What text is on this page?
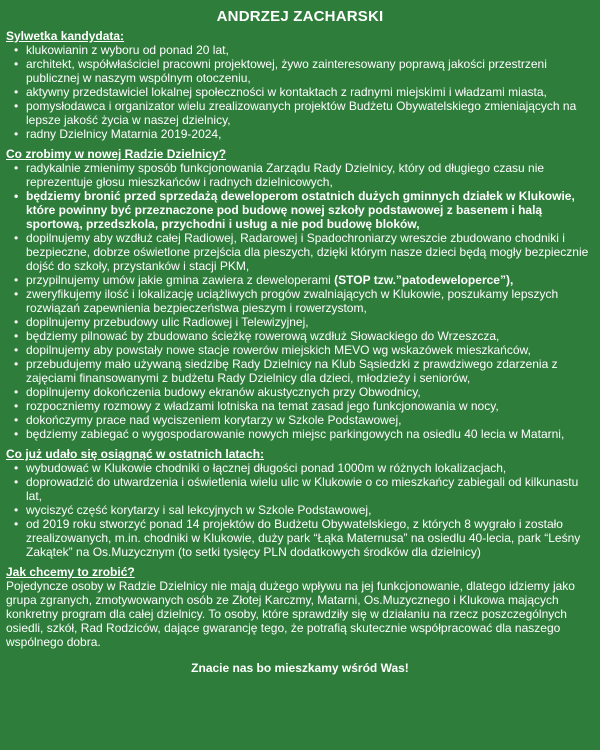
ANDRZEJ ZACHARSKI

Sylwetka kandydata:

• klukowianin z wyboru od ponad 20 lat,
• architekt, współwłaściciel pracowni projektowej, żywo zainteresowany poprawą jakości przestrzeni publicznej w naszym wspólnym otoczeniu,
• aktywny przedstawiciel lokalnej społeczności w kontaktach z radnymi miejskimi i władzami miasta,
• pomysłodawca i organizator wielu zrealizowanych projektów Budżetu Obywatelskiego zmieniających na lepsze jakość życia w naszej dzielnicy,
• radny Dzielnicy Matarnia 2019-2024,

Co zrobimy w nowej Radzie Dzielnicy?

• radykalnie zmienimy sposób funkcjonowania Zarządu Rady Dzielnicy, który od długiego czasu nie reprezentuje głosu mieszkańców i radnych dzielnicowych,
• będziemy bronić przed sprzedażą deweloperom ostatnich dużych gminnych działek w Klukowie, które powinny być przeznaczone pod budowę nowej szkoły podstawowej z basenem i halą sportową, przedszkola, przychodni i usług a nie pod budowę bloków,
• dopilnujemy aby wzdłuż całej Radiowej, Radarowej i Spadochroniarzy wreszcie zbudowano chodniki i bezpieczne, dobrze oświetlone przejścia dla pieszych, dzięki którym nasze dzieci będą mogły bezpiecznie dojść do szkoły, przystanków i stacji PKM,
• przypilnujemy umów jakie gmina zawiera z deweloperami (STOP tzw.”patodeweloperce”),
• zweryfikujemy ilość i lokalizację uciążliwych progów zwalniających w Klukowie, poszukamy lepszych rozwiązań zapewnienia bezpieczeństwa pieszym i rowerzystom,
• dopilnujemy przebudowy ulic Radiowej i Telewizyjnej,
• będziemy pilnować by zbudowano ścieżkę rowerową wzdłuż Słowackiego do Wrzeszcza,
• dopilnujemy aby powstały nowe stacje rowerów miejskich MEVO wg wskazówek mieszkańców,
• przebudujemy mało używaną siedzibę Rady Dzielnicy na Klub Sąsiedzki z prawdziwego zdarzenia z zajęciami finansowanymi z budżetu Rady Dzielnicy dla dzieci, młodzieży i seniorów,
• dopilnujemy dokończenia budowy ekranów akustycznych przy Obwodnicy,
• rozpoczniemy rozmowy z władzami lotniska na temat zasad jego funkcjonowania w nocy,
• dokończymy prace nad wyciszeniem korytarzy w Szkole Podstawowej,
• będziemy zabiegać o wygospodarowanie nowych miejsc parkingowych na osiedlu 40 lecia w Matarni,

Co już udało się osiągnąć w ostatnich latach:

• wybudować w Klukowie chodniki o łącznej długości ponad 1000m w różnych lokalizacjach,
• doprowadzić do utwardzenia i oświetlenia wielu ulic w Klukowie o co mieszkańcy zabiegali od kilkunastu lat,
• wyciszyć część korytarzy i sal lekcyjnych w Szkole Podstawowej,
• od 2019 roku stworzyć ponad 14 projektów do Budżetu Obywatelskiego, z których 8 wygrało i zostało zrealizowanych, m.in. chodniki w Klukowie, duży park “Łąka Maternusa” na osiedlu 40-lecia, park “Leśny Zakątek” na Os.Muzycznym (to setki tysięcy PLN dodatkowych środków dla dzielnicy)

Jak chcemy to zrobić?

Pojedyncze osoby w Radzie Dzielnicy nie mają dużego wpływu na jej funkcjonowanie, dlatego idziemy jako grupa zgranych, zmotywowanych osób ze Złotej Karczmy, Matarni, Os.Muzycznego i Klukowa mających konkretny program dla całej dzielnicy. To osoby, które sprawdziły się w działaniu na rzecz poszczególnych osiedli, szkół, Rad Rodziców, dające gwarancję tego, że potrafią skutecznie współpracować dla naszego wspólnego dobra.

Znacie nas bo mieszkamy wśród Was!
